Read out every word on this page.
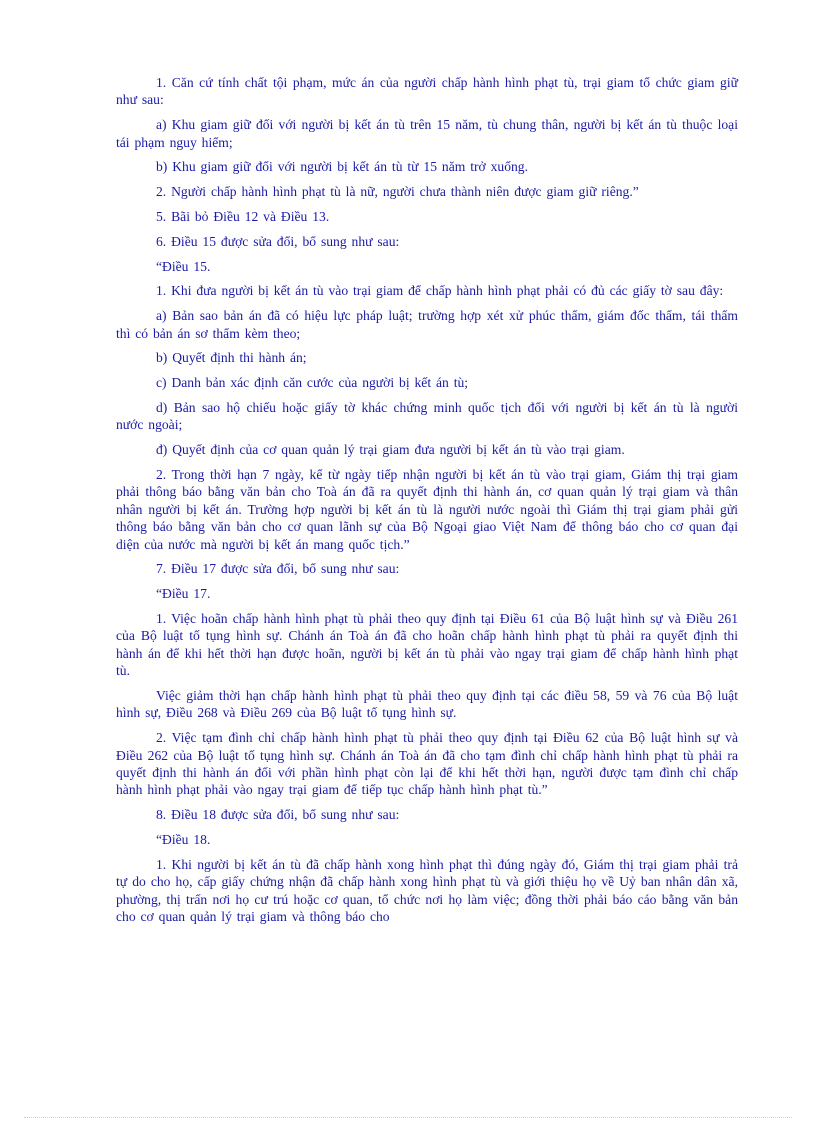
1. Căn cứ tính chất tội phạm, mức án của người chấp hành hình phạt tù, trại giam tổ chức giam giữ như sau:

a) Khu giam giữ đối với người bị kết án tù trên 15 năm, tù chung thân, người bị kết án tù thuộc loại tái phạm nguy hiểm;

b) Khu giam giữ đối với người bị kết án tù từ 15 năm trở xuống.

2. Người chấp hành hình phạt tù là nữ, người chưa thành niên được giam giữ riêng.”

5. Bãi bỏ Điều 12 và Điều 13.

6. Điều 15 được sửa đổi, bổ sung như sau:

“Điều 15.

1. Khi đưa người bị kết án tù vào trại giam để chấp hành hình phạt phải có đủ các giấy tờ sau đây:

a) Bản sao bản án đã có hiệu lực pháp luật; trường hợp xét xử phúc thẩm, giám đốc thẩm, tái thẩm thì có bản án sơ thẩm kèm theo;

b) Quyết định thi hành án;

c) Danh bản xác định căn cước của người bị kết án tù;

d) Bản sao hộ chiếu hoặc giấy tờ khác chứng minh quốc tịch đối với người bị kết án tù là người nước ngoài;

đ) Quyết định của cơ quan quản lý trại giam đưa người bị kết án tù vào trại giam.

2. Trong thời hạn 7 ngày, kể từ ngày tiếp nhận người bị kết án tù vào trại giam, Giám thị trại giam phải thông báo bằng văn bản cho Toà án đã ra quyết định thi hành án, cơ quan quản lý trại giam và thân nhân người bị kết án. Trường hợp người bị kết án tù là người nước ngoài thì Giám thị trại giam phải gửi thông báo bằng văn bản cho cơ quan lãnh sự của Bộ Ngoại giao Việt Nam để thông báo cho cơ quan đại diện của nước mà người bị kết án mang quốc tịch.”

7. Điều 17 được sửa đổi, bổ sung như sau:

“Điều 17.

1. Việc hoãn chấp hành hình phạt tù phải theo quy định tại Điều 61 của Bộ luật hình sự và Điều 261 của Bộ luật tố tụng hình sự. Chánh án Toà án đã cho hoãn chấp hành hình phạt tù phải ra quyết định thi hành án để khi hết thời hạn được hoãn, người bị kết án tù phải vào ngay trại giam để chấp hành hình phạt tù.

Việc giảm thời hạn chấp hành hình phạt tù phải theo quy định tại các điều 58, 59 và 76 của Bộ luật hình sự, Điều 268 và Điều 269 của Bộ luật tố tụng hình sự.

2. Việc tạm đình chỉ chấp hành hình phạt tù phải theo quy định tại Điều 62 của Bộ luật hình sự và Điều 262 của Bộ luật tố tụng hình sự. Chánh án Toà án đã cho tạm đình chỉ chấp hành hình phạt tù phải ra quyết định thi hành án đối với phần hình phạt còn lại để khi hết thời hạn, người được tạm đình chỉ chấp hành hình phạt phải vào ngay trại giam để tiếp tục chấp hành hình phạt tù.”

8. Điều 18 được sửa đổi, bổ sung như sau:

“Điều 18.

1. Khi người bị kết án tù đã chấp hành xong hình phạt thì đúng ngày đó, Giám thị trại giam phải trả tự do cho họ, cấp giấy chứng nhận đã chấp hành xong hình phạt tù và giới thiệu họ về Uỷ ban nhân dân xã, phường, thị trấn nơi họ cư trú hoặc cơ quan, tổ chức nơi họ làm việc; đồng thời phải báo cáo bằng văn bản cho cơ quan quản lý trại giam và thông báo cho
